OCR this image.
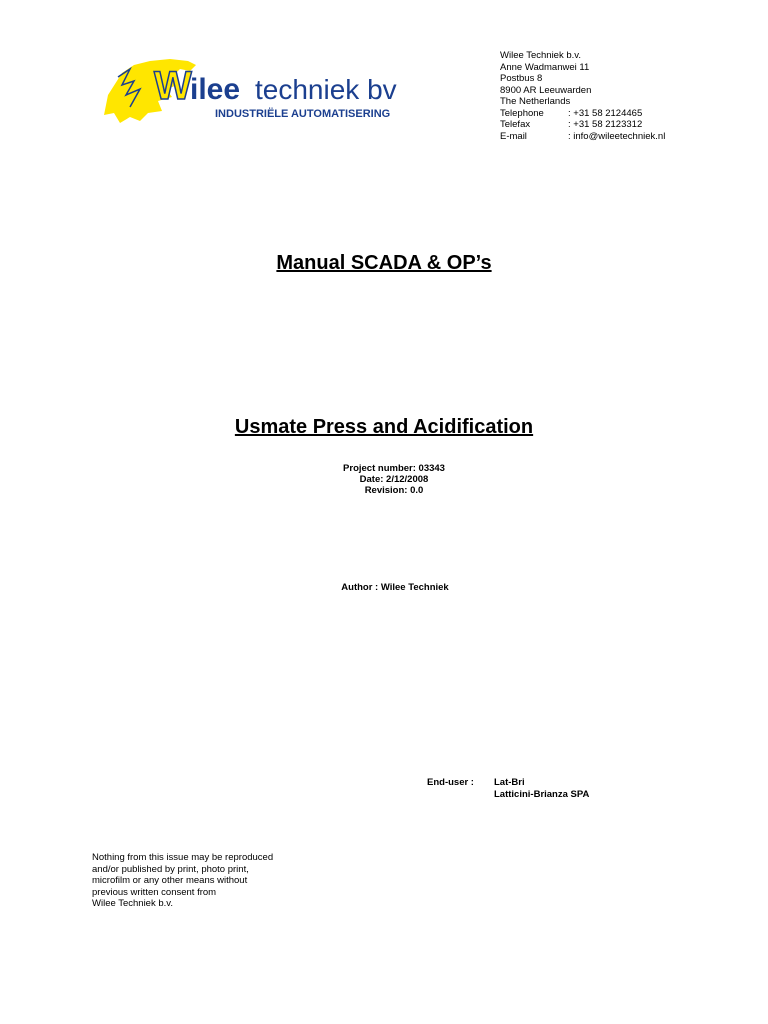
W
ilee techniek bv
INDUSTRIËLE AUTOMATISERING
Wilee Techniek b.v.
Anne Wadmanwei 11
Postbus 8
8900 AR Leeuwarden
The Netherlands
Telephone	: +31 58 2124465
Telefax	: +31 58 2123312
E-mail	: info@wileetechniek.nl
Manual SCADA & OP’s
Usmate Press and Acidification
Project number: 03343
Date: 2/12/2008
Revision: 0.0
Author : Wilee Techniek
End-user : Lat-Bri
Latticini-Brianza SPA
Nothing from this issue may be reproduced
and/or published by print, photo print,
microfilm or any other means without
previous written consent from
Wilee Techniek b.v.
